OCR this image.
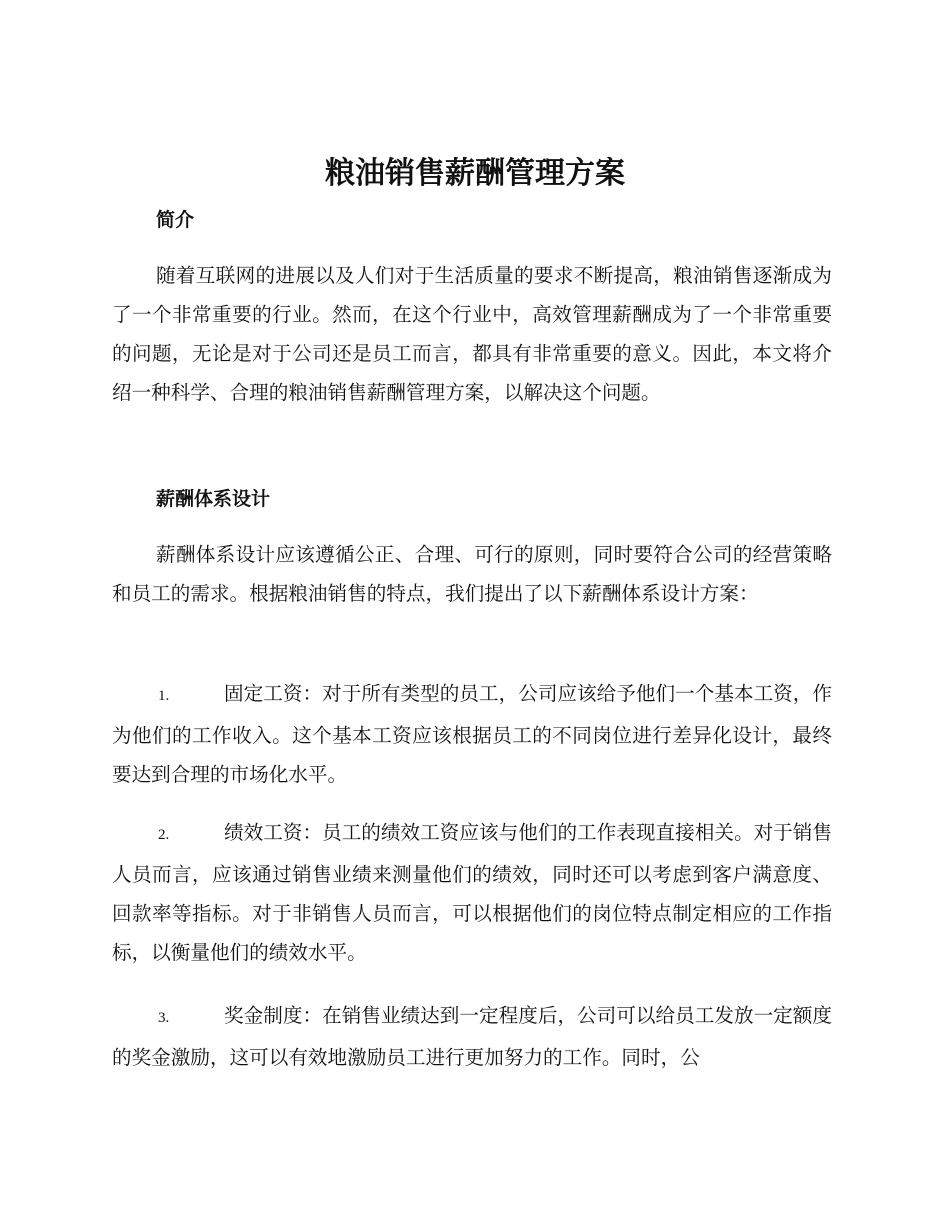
粮油销售薪酬管理方案
简介

随着互联网的进展以及人们对于生活质量的要求不断提高，粮油销售逐渐成为了一个非常重要的行业。然而，在这个行业中，高效管理薪酬成为了一个非常重要的问题，无论是对于公司还是员工而言，都具有非常重要的意义。因此，本文将介绍一种科学、合理的粮油销售薪酬管理方案，以解决这个问题。

薪酬体系设计

薪酬体系设计应该遵循公正、合理、可行的原则，同时要符合公司的经营策略和员工的需求。根据粮油销售的特点，我们提出了以下薪酬体系设计方案：

1.	固定工资：对于所有类型的员工，公司应该给予他们一个基本工资，作为他们的工作收入。这个基本工资应该根据员工的不同岗位进行差异化设计，最终要达到合理的市场化水平。

2.	绩效工资：员工的绩效工资应该与他们的工作表现直接相关。对于销售人员而言，应该通过销售业绩来测量他们的绩效，同时还可以考虑到客户满意度、回款率等指标。对于非销售人员而言，可以根据他们的岗位特点制定相应的工作指标，以衡量他们的绩效水平。

3.	奖金制度：在销售业绩达到一定程度后，公司可以给员工发放一定额度的奖金激励，这可以有效地激励员工进行更加努力的工作。同时，公
